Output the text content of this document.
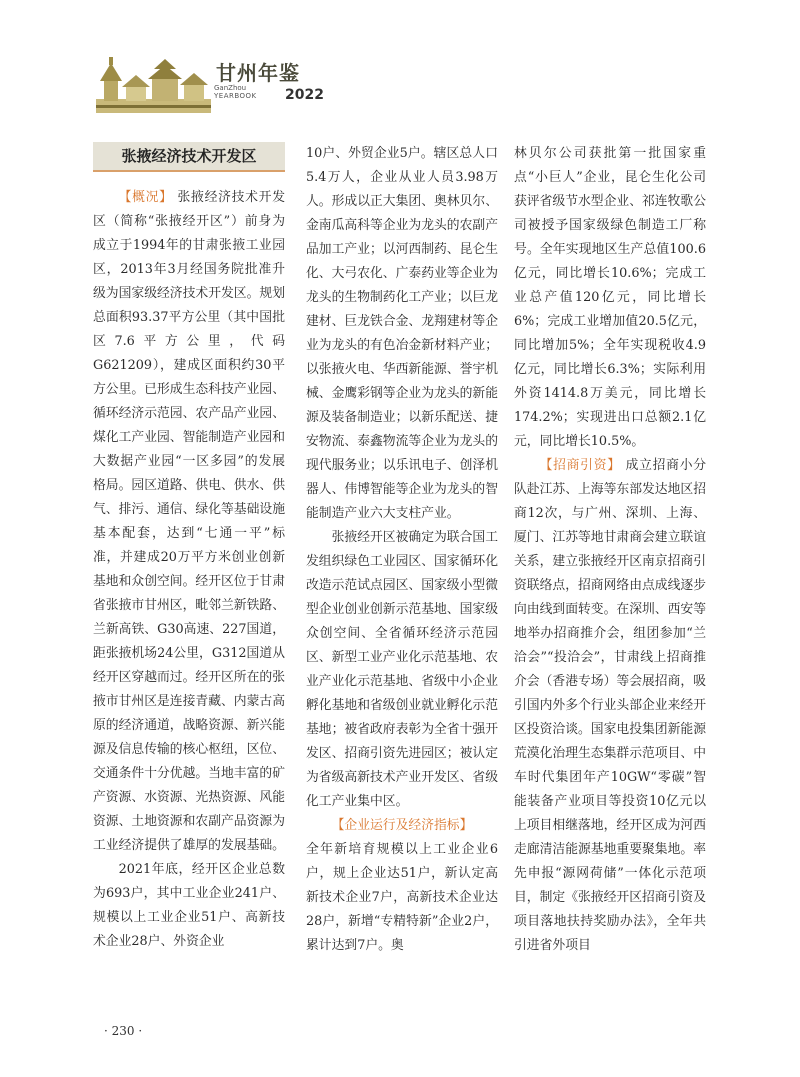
甘州年鉴
GanZhou
YEARBOOK 2022
张掖经济技术开发区

【概况】 张掖经济技术开发区（简称“张掖经开区”）前身为成立于1994年的甘肃张掖工业园区，2013年3月经国务院批准升级为国家级经济技术开发区。规划总面积93.37平方公里（其中国批区7.6平方公里，代码G621209），建成区面积约30平方公里。已形成生态科技产业园、循环经济示范园、农产品产业园、煤化工产业园、智能制造产业园和大数据产业园“一区多园”的发展格局。园区道路、供电、供水、供气、排污、通信、绿化等基础设施基本配套，达到“七通一平”标准，并建成20万平方米创业创新基地和众创空间。经开区位于甘肃省张掖市甘州区，毗邻兰新铁路、兰新高铁、G30高速、227国道，距张掖机场24公里，G312国道从经开区穿越而过。经开区所在的张掖市甘州区是连接青藏、内蒙古高原的经济通道，战略资源、新兴能源及信息传输的核心枢纽，区位、交通条件十分优越。当地丰富的矿产资源、水资源、光热资源、风能资源、土地资源和农副产品资源为工业经济提供了雄厚的发展基础。

2021年底，经开区企业总数为693户，其中工业企业241户、规模以上工业企业51户、高新技术企业28户、外资企业

10户、外贸企业5户。辖区总人口5.4万人，企业从业人员3.98万人。形成以正大集团、奥林贝尔、金南瓜高科等企业为龙头的农副产品加工产业；以河西制药、昆仑生化、大弓农化、广泰药业等企业为龙头的生物制药化工产业；以巨龙建材、巨龙铁合金、龙翔建材等企业为龙头的有色冶金新材料产业；以张掖火电、华西新能源、誉宇机械、金鹰彩钢等企业为龙头的新能源及装备制造业；以新乐配送、捷安物流、泰鑫物流等企业为龙头的现代服务业；以乐讯电子、创泽机器人、伟博智能等企业为龙头的智能制造产业六大支柱产业。

张掖经开区被确定为联合国工发组织绿色工业园区、国家循环化改造示范试点园区、国家级小型微型企业创业创新示范基地、国家级众创空间、全省循环经济示范园区、新型工业产业化示范基地、农业产业化示范基地、省级中小企业孵化基地和省级创业就业孵化示范基地；被省政府表彰为全省十强开发区、招商引资先进园区；被认定为省级高新技术产业开发区、省级化工产业集中区。

【企业运行及经济指标】

全年新培育规模以上工业企业6户，规上企业达51户，新认定高新技术企业7户，高新技术企业达28户，新增“专精特新”企业2户，累计达到7户。奥

林贝尔公司获批第一批国家重点“小巨人”企业，昆仑生化公司获评省级节水型企业、祁连牧歌公司被授予国家级绿色制造工厂称号。全年实现地区生产总值100.6亿元，同比增长10.6%；完成工业总产值120亿元，同比增长6%；完成工业增加值20.5亿元，同比增加5%；全年实现税收4.9亿元，同比增长6.3%；实际利用外资1414.8万美元，同比增长174.2%；实现进出口总额2.1亿元，同比增长10.5%。

【招商引资】 成立招商小分队赴江苏、上海等东部发达地区招商12次，与广州、深圳、上海、厦门、江苏等地甘肃商会建立联谊关系，建立张掖经开区南京招商引资联络点，招商网络由点成线逐步向由线到面转变。在深圳、西安等地举办招商推介会，组团参加“兰洽会”“投洽会”，甘肃线上招商推介会（香港专场）等会展招商，吸引国内外多个行业头部企业来经开区投资洽谈。国家电投集团新能源荒漠化治理生态集群示范项目、中车时代集团年产10GW“零碳”智能装备产业项目等投资10亿元以上项目相继落地，经开区成为河西走廊清洁能源基地重要聚集地。率先申报“源网荷储”一体化示范项目，制定《张掖经开区招商引资及项目落地扶持奖励办法》，全年共引进省外项目

· 230 ·
